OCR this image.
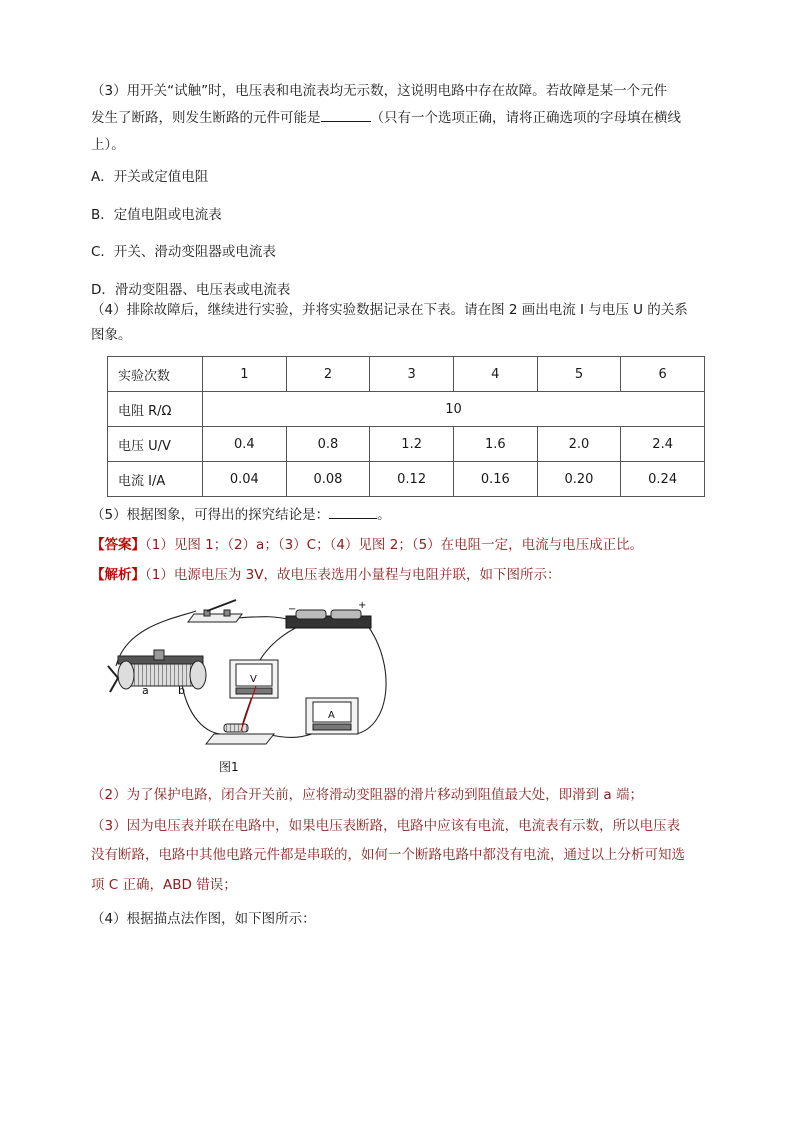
（3）用开关“试触”时，电压表和电流表均无示数，这说明电路中存在故障。若故障是某一个元件

发生了断路，则发生断路的元件可能是	（只有一个选项正确，请将正确选项的字母填在横线

上）。

A．开关或定值电阻

B．定值电阻或电流表

C．开关、滑动变阻器或电流表

D．滑动变阻器、电压表或电流表

（4）排除故障后，继续进行实验，并将实验数据记录在下表。请在图 2 画出电流 I 与电压 U 的关系

图象。

实验次数	1	2	3	4	5	6
电阻 R/Ω	10					
电压 U/V	0.4	0.8	1.2	1.6	2.0	2.4
电流 I/A	0.04	0.08	0.12	0.16	0.20	0.24

（5）根据图象，可得出的探究结论是：	。

【答案】（1）见图 1；（2）a；（3）C；（4）见图 2；（5）在电阻一定，电流与电压成正比。

【解析】（1）电源电压为 3V，故电压表选用小量程与电阻并联，如下图所示：

−	+
a	b
V
A
图1

（2）为了保护电路，闭合开关前，应将滑动变阻器的滑片移动到阻值最大处，即滑到 a 端；

（3）因为电压表并联在电路中，如果电压表断路，电路中应该有电流，电流表有示数，所以电压表

没有断路，电路中其他电路元件都是串联的，如何一个断路电路中都没有电流，通过以上分析可知选

项 C 正确，ABD 错误；

（4）根据描点法作图，如下图所示：
